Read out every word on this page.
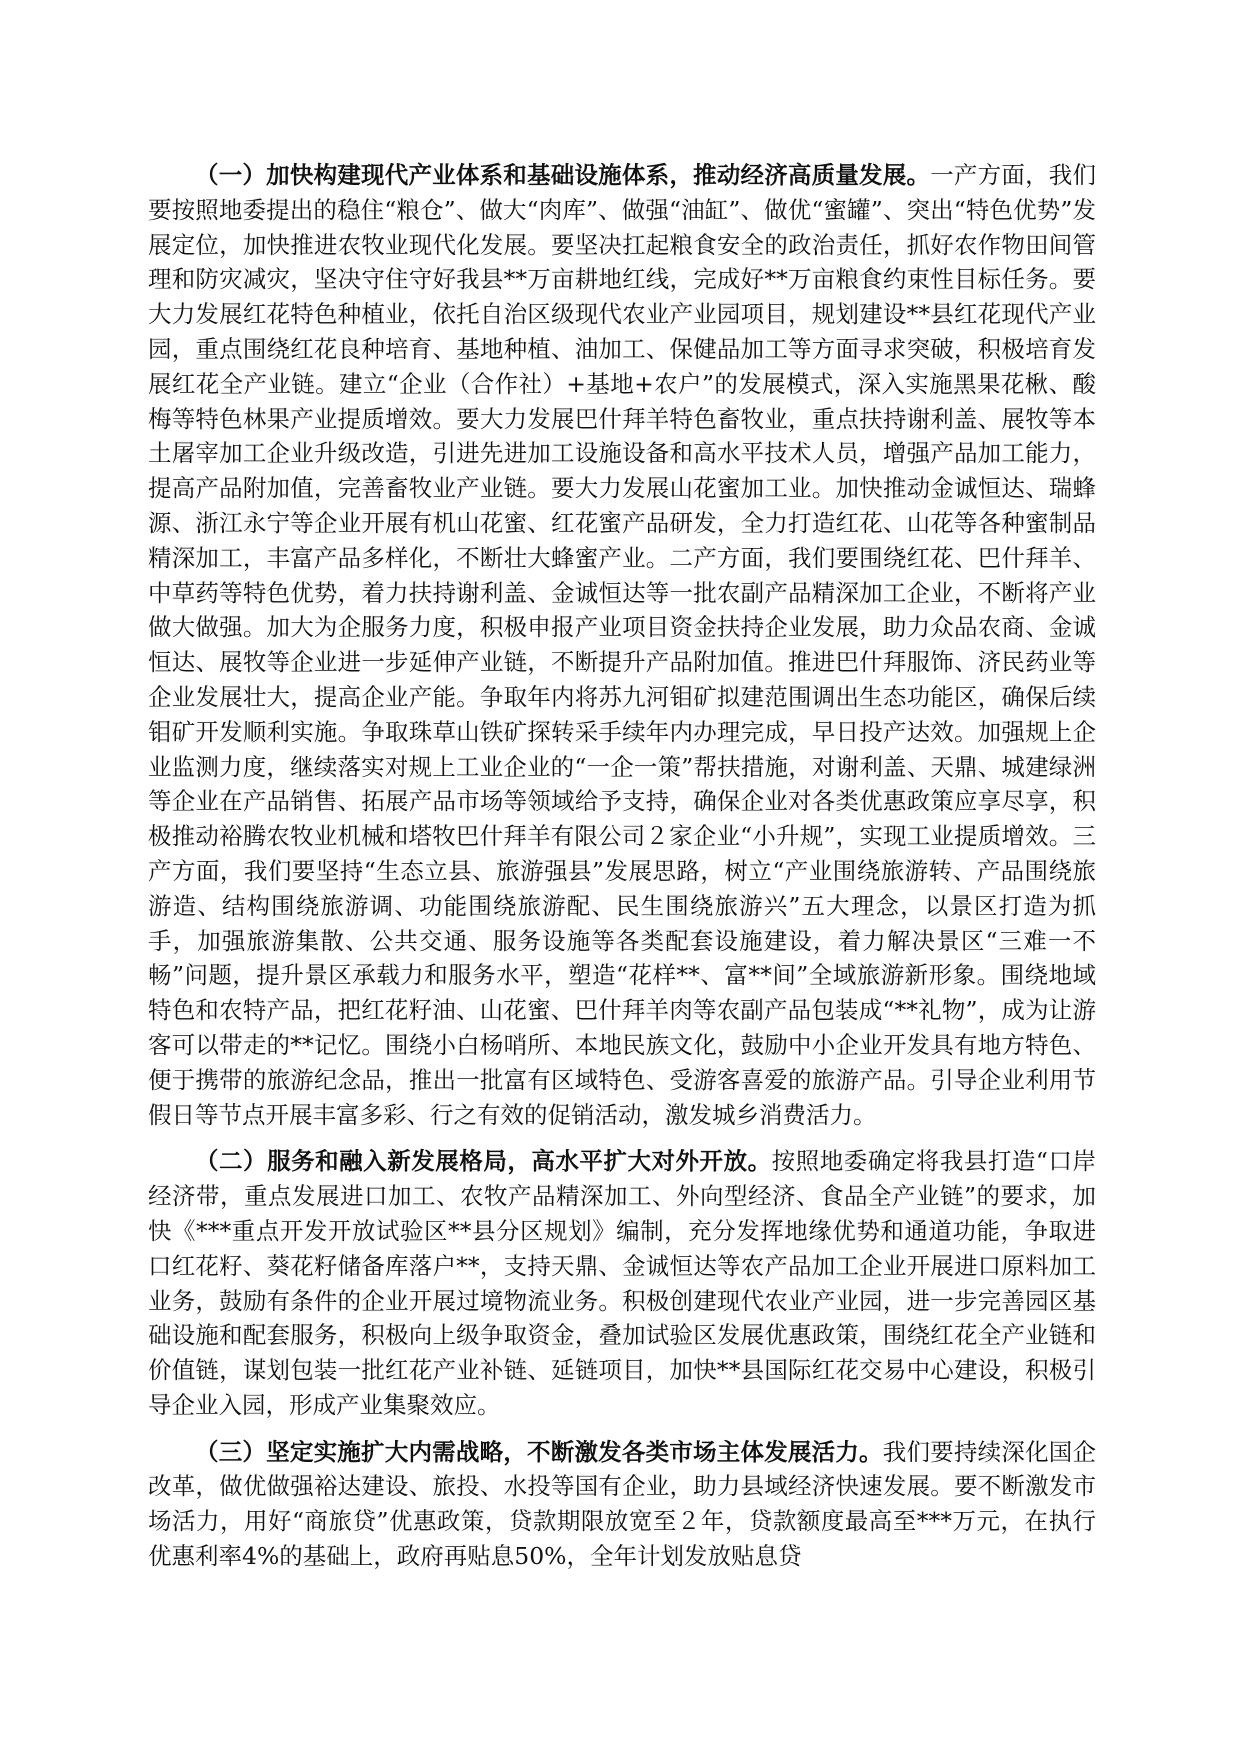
（一）加快构建现代产业体系和基础设施体系，推动经济高质量发展。一产方面，我们要按照地委提出的稳住“粮仓”、做大“肉库”、做强“油缸”、做优“蜜罐”、突出“特色优势”发展定位，加快推进农牧业现代化发展。要坚决扛起粮食安全的政治责任，抓好农作物田间管理和防灾减灾，坚决守住守好我县**万亩耕地红线，完成好**万亩粮食约束性目标任务。要大力发展红花特色种植业，依托自治区级现代农业产业园项目，规划建设**县红花现代产业园，重点围绕红花良种培育、基地种植、油加工、保健品加工等方面寻求突破，积极培育发展红花全产业链。建立“企业（合作社）+基地+农户”的发展模式，深入实施黑果花楸、酸梅等特色林果产业提质增效。要大力发展巴什拜羊特色畜牧业，重点扶持谢利盖、展牧等本土屠宰加工企业升级改造，引进先进加工设施设备和高水平技术人员，增强产品加工能力，提高产品附加值，完善畜牧业产业链。要大力发展山花蜜加工业。加快推动金诚恒达、瑞蜂源、浙江永宁等企业开展有机山花蜜、红花蜜产品研发，全力打造红花、山花等各种蜜制品精深加工，丰富产品多样化，不断壮大蜂蜜产业。二产方面，我们要围绕红花、巴什拜羊、中草药等特色优势，着力扶持谢利盖、金诚恒达等一批农副产品精深加工企业，不断将产业做大做强。加大为企服务力度，积极申报产业项目资金扶持企业发展，助力众品农商、金诚恒达、展牧等企业进一步延伸产业链，不断提升产品附加值。推进巴什拜服饰、济民药业等企业发展壮大，提高企业产能。争取年内将苏九河钼矿拟建范围调出生态功能区，确保后续钼矿开发顺利实施。争取珠草山铁矿探转采手续年内办理完成，早日投产达效。加强规上企业监测力度，继续落实对规上工业企业的“一企一策”帮扶措施，对谢利盖、天鼎、城建绿洲等企业在产品销售、拓展产品市场等领域给予支持，确保企业对各类优惠政策应享尽享，积极推动裕腾农牧业机械和塔牧巴什拜羊有限公司２家企业“小升规”，实现工业提质增效。三产方面，我们要坚持“生态立县、旅游强县”发展思路，树立“产业围绕旅游转、产品围绕旅游造、结构围绕旅游调、功能围绕旅游配、民生围绕旅游兴”五大理念，以景区打造为抓手，加强旅游集散、公共交通、服务设施等各类配套设施建设，着力解决景区“三难一不畅”问题，提升景区承载力和服务水平，塑造“花样**、富**间”全域旅游新形象。围绕地域特色和农特产品，把红花籽油、山花蜜、巴什拜羊肉等农副产品包装成“**礼物”，成为让游客可以带走的**记忆。围绕小白杨哨所、本地民族文化，鼓励中小企业开发具有地方特色、便于携带的旅游纪念品，推出一批富有区域特色、受游客喜爱的旅游产品。引导企业利用节假日等节点开展丰富多彩、行之有效的促销活动，激发城乡消费活力。

（二）服务和融入新发展格局，高水平扩大对外开放。按照地委确定将我县打造“口岸经济带，重点发展进口加工、农牧产品精深加工、外向型经济、食品全产业链”的要求，加快《***重点开发开放试验区**县分区规划》编制，充分发挥地缘优势和通道功能，争取进口红花籽、葵花籽储备库落户**，支持天鼎、金诚恒达等农产品加工企业开展进口原料加工业务，鼓励有条件的企业开展过境物流业务。积极创建现代农业产业园，进一步完善园区基础设施和配套服务，积极向上级争取资金，叠加试验区发展优惠政策，围绕红花全产业链和价值链，谋划包装一批红花产业补链、延链项目，加快**县国际红花交易中心建设，积极引导企业入园，形成产业集聚效应。

（三）坚定实施扩大内需战略，不断激发各类市场主体发展活力。我们要持续深化国企改革，做优做强裕达建设、旅投、水投等国有企业，助力县域经济快速发展。要不断激发市场活力，用好“商旅贷”优惠政策，贷款期限放宽至２年，贷款额度最高至***万元，在执行优惠利率4%的基础上，政府再贴息50%，全年计划发放贴息贷
